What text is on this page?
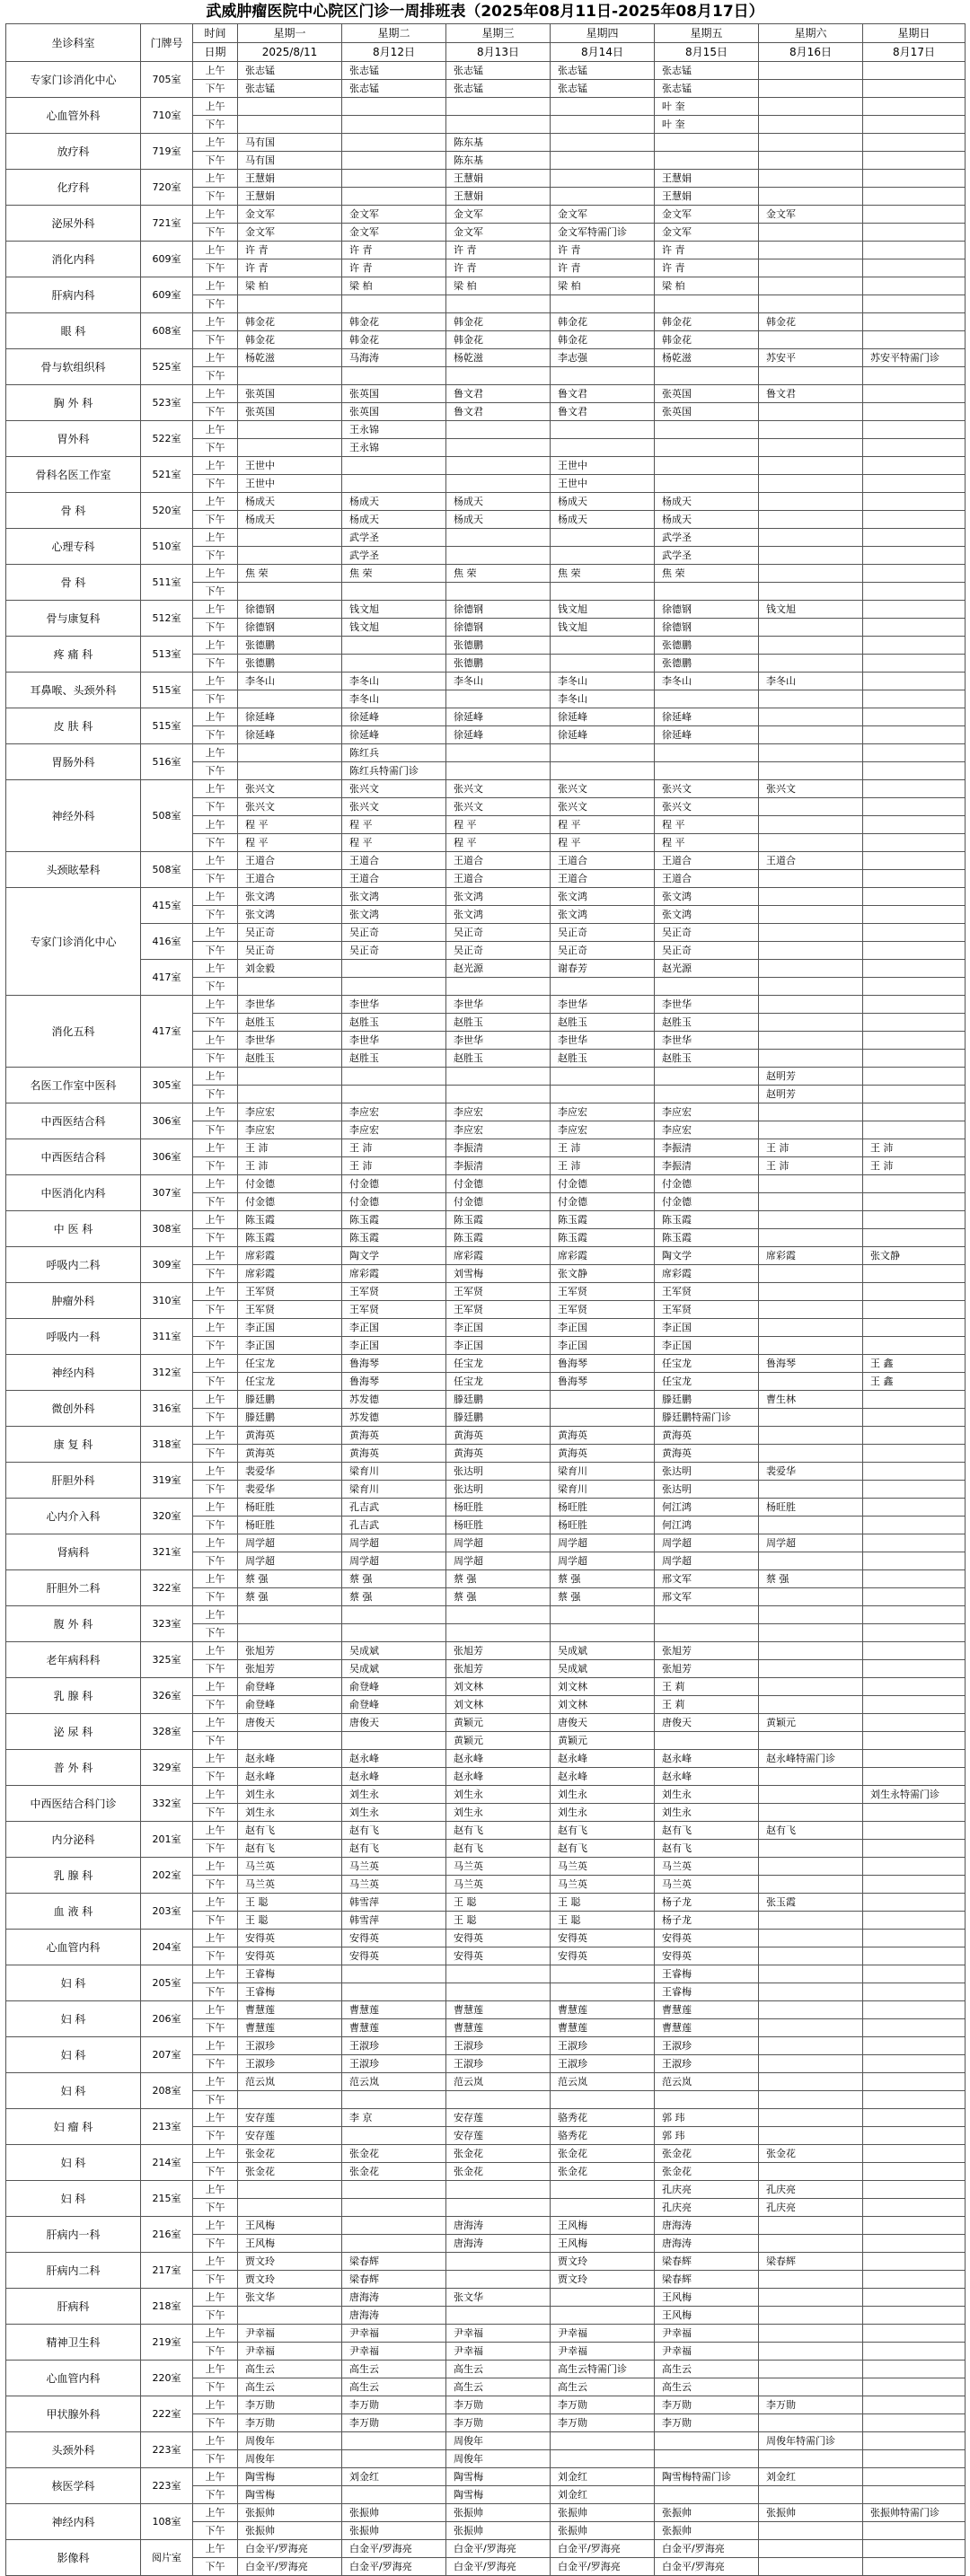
武威肿瘤医院中心院区门诊一周排班表（2025年08月11日-2025年08月17日）
坐诊科室	门牌号	时间	星期一	星期二	星期三	星期四	星期五	星期六	星期日
		日期	2025/8/11	8月12日	8月13日	8月14日	8月15日	8月16日	8月17日
专家门诊消化中心	705室	上午	张志锰	张志锰	张志锰	张志锰	张志锰		
		下午	张志锰	张志锰	张志锰	张志锰	张志锰		
心血管外科	710室	上午					叶 奎		
		下午					叶 奎		
放疗科	719室	上午	马有国		陈东基				
		下午	马有国		陈东基				
化疗科	720室	上午	王慧娟		王慧娟		王慧娟		
		下午	王慧娟		王慧娟		王慧娟		
泌尿外科	721室	上午	金文军	金文军	金文军	金文军	金文军	金文军	
		下午	金文军	金文军	金文军	金文军特需门诊	金文军		
消化内科	609室	上午	许 青	许 青	许 青	许 青	许 青		
		下午	许 青	许 青	许 青	许 青	许 青		
肝病内科	609室	上午	梁 柏	梁 柏	梁 柏	梁 柏	梁 柏		
		下午							
眼 科	608室	上午	韩金花	韩金花	韩金花	韩金花	韩金花	韩金花	
		下午	韩金花	韩金花	韩金花	韩金花	韩金花		
骨与软组织科	525室	上午	杨乾滋	马海涛	杨乾滋	李志强	杨乾滋	苏安平	苏安平特需门诊
		下午							
胸 外 科	523室	上午	张英国	张英国	鲁文君	鲁文君	张英国	鲁文君	
		下午	张英国	张英国	鲁文君	鲁文君	张英国		
胃外科	522室	上午		王永锦					
		下午		王永锦					
骨科名医工作室	521室	上午	王世中			王世中			
		下午	王世中			王世中			
骨 科	520室	上午	杨成天	杨成天	杨成天	杨成天	杨成天		
		下午	杨成天	杨成天	杨成天	杨成天	杨成天		
心理专科	510室	上午		武学圣			武学圣		
		下午		武学圣			武学圣		
骨 科	511室	上午	焦 荣	焦 荣	焦 荣	焦 荣	焦 荣		
		下午							
骨与康复科	512室	上午	徐德钢	钱文旭	徐德钢	钱文旭	徐德钢	钱文旭	
		下午	徐德钢	钱文旭	徐德钢	钱文旭	徐德钢		
疼 痛 科	513室	上午	张德鹏		张德鹏		张德鹏		
		下午	张德鹏		张德鹏		张德鹏		
耳鼻喉、头颈外科	515室	上午	李冬山	李冬山	李冬山	李冬山	李冬山	李冬山	
		下午		李冬山		李冬山			
皮 肤 科	515室	上午	徐延峰	徐延峰	徐延峰	徐延峰	徐延峰		
		下午	徐延峰	徐延峰	徐延峰	徐延峰	徐延峰		
胃肠外科	516室	上午		陈红兵					
		下午		陈红兵特需门诊					
神经外科	508室	上午	张兴文	张兴文	张兴文	张兴文	张兴文	张兴文	
		下午	张兴文	张兴文	张兴文	张兴文	张兴文		
		上午	程 平	程 平	程 平	程 平	程 平		
		下午	程 平	程 平	程 平	程 平	程 平		
头颈眩晕科	508室	上午	王道合	王道合	王道合	王道合	王道合	王道合	
		下午	王道合	王道合	王道合	王道合	王道合		
专家门诊消化中心	415室	上午	张文鸿	张文鸿	张文鸿	张文鸿	张文鸿		
		下午	张文鸿	张文鸿	张文鸿	张文鸿	张文鸿		
	416室	上午	吴正奇	吴正奇	吴正奇	吴正奇	吴正奇		
		下午	吴正奇	吴正奇	吴正奇	吴正奇	吴正奇		
	417室	上午	刘金毅		赵光源	谢春芳	赵光源		
		下午							
消化五科	417室	上午	李世华	李世华	李世华	李世华	李世华		
		下午	赵胜玉	赵胜玉	赵胜玉	赵胜玉	赵胜玉		
		上午	李世华	李世华	李世华	李世华	李世华		
		下午	赵胜玉	赵胜玉	赵胜玉	赵胜玉	赵胜玉		
名医工作室中医科	305室	上午						赵明芳	
		下午						赵明芳	
中西医结合科	306室	上午	李应宏	李应宏	李应宏	李应宏	李应宏		
		下午	李应宏	李应宏	李应宏	李应宏	李应宏		
中西医结合科	306室	上午	王 沛	王 沛	李振清	王 沛	李振清	王 沛	王 沛
		下午	王 沛	王 沛	李振清	王 沛	李振清	王 沛	王 沛
中医消化内科	307室	上午	付金德	付金德	付金德	付金德	付金德		
		下午	付金德	付金德	付金德	付金德	付金德		
中 医 科	308室	上午	陈玉霞	陈玉霞	陈玉霞	陈玉霞	陈玉霞		
		下午	陈玉霞	陈玉霞	陈玉霞	陈玉霞	陈玉霞		
呼吸内二科	309室	上午	席彩霞	陶文学	席彩霞	席彩霞	陶文学	席彩霞	张文静
		下午	席彩霞	席彩霞	刘雪梅	张文静	席彩霞		
肿瘤外科	310室	上午	王军贤	王军贤	王军贤	王军贤	王军贤		
		下午	王军贤	王军贤	王军贤	王军贤	王军贤		
呼吸内一科	311室	上午	李正国	李正国	李正国	李正国	李正国		
		下午	李正国	李正国	李正国	李正国	李正国		
神经内科	312室	上午	任宝龙	鲁海琴	任宝龙	鲁海琴	任宝龙	鲁海琴	王 鑫
		下午	任宝龙	鲁海琴	任宝龙	鲁海琴	任宝龙		王 鑫
微创外科	316室	上午	滕廷鹏	苏发德	滕廷鹏		滕廷鹏	曹生林	
		下午	滕廷鹏	苏发德	滕廷鹏		滕廷鹏特需门诊		
康 复 科	318室	上午	黄海英	黄海英	黄海英	黄海英	黄海英		
		下午	黄海英	黄海英	黄海英	黄海英	黄海英		
肝胆外科	319室	上午	裴爱华	梁育川	张达明	梁育川	张达明	裴爱华	
		下午	裴爱华	梁育川	张达明	梁育川	张达明		
心内介入科	320室	上午	杨旺胜	孔吉武	杨旺胜	杨旺胜	何江鸿	杨旺胜	
		下午	杨旺胜	孔吉武	杨旺胜	杨旺胜	何江鸿		
肾病科	321室	上午	周学超	周学超	周学超	周学超	周学超	周学超	
		下午	周学超	周学超	周学超	周学超	周学超		
肝胆外二科	322室	上午	蔡 强	蔡 强	蔡 强	蔡 强	邢文军	蔡 强	
		下午	蔡 强	蔡 强	蔡 强	蔡 强	邢文军		
腹 外 科	323室	上午							
		下午							
老年病科科	325室	上午	张旭芳	吴成斌	张旭芳	吴成斌	张旭芳		
		下午	张旭芳	吴成斌	张旭芳	吴成斌	张旭芳		
乳 腺 科	326室	上午	俞登峰	俞登峰	刘文林	刘文林	王 莉		
		下午	俞登峰	俞登峰	刘文林	刘文林	王 莉		
泌 尿 科	328室	上午	唐俊天	唐俊天	黄颖元	唐俊天	唐俊天	黄颖元	
		下午			黄颖元	黄颖元			
普 外 科	329室	上午	赵永峰	赵永峰	赵永峰	赵永峰	赵永峰	赵永峰特需门诊	
		下午	赵永峰	赵永峰	赵永峰	赵永峰	赵永峰		
中西医结合科门诊	332室	上午	刘生永	刘生永	刘生永	刘生永	刘生永		刘生永特需门诊
		下午	刘生永	刘生永	刘生永	刘生永	刘生永		
内分泌科	201室	上午	赵有飞	赵有飞	赵有飞	赵有飞	赵有飞	赵有飞	
		下午	赵有飞	赵有飞	赵有飞	赵有飞	赵有飞		
乳 腺 科	202室	上午	马兰英	马兰英	马兰英	马兰英	马兰英		
		下午	马兰英	马兰英	马兰英	马兰英	马兰英		
血 液 科	203室	上午	王 聪	韩雪萍	王 聪	王 聪	杨子龙	张玉霞	
		下午	王 聪	韩雪萍	王 聪	王 聪	杨子龙		
心血管内科	204室	上午	安得英	安得英	安得英	安得英	安得英		
		下午	安得英	安得英	安得英	安得英	安得英		
妇 科	205室	上午	王睿梅				王睿梅		
		下午	王睿梅				王睿梅		
妇 科	206室	上午	曹慧莲	曹慧莲	曹慧莲	曹慧莲	曹慧莲		
		下午	曹慧莲	曹慧莲	曹慧莲	曹慧莲	曹慧莲		
妇 科	207室	上午	王淑珍	王淑珍	王淑珍	王淑珍	王淑珍		
		下午	王淑珍	王淑珍	王淑珍	王淑珍	王淑珍		
妇 科	208室	上午	范云岚	范云岚	范云岚	范云岚	范云岚		
		下午							
妇 瘤 科	213室	上午	安存莲	李 京	安存莲	骆秀花	郭 玮		
		下午	安存莲		安存莲	骆秀花	郭 玮		
妇 科	214室	上午	张金花	张金花	张金花	张金花	张金花	张金花	
		下午	张金花	张金花	张金花	张金花	张金花		
妇 科	215室	上午					孔庆亮	孔庆亮	
		下午					孔庆亮	孔庆亮	
肝病内一科	216室	上午	王风梅		唐海涛	王风梅	唐海涛		
		下午	王风梅		唐海涛	王风梅	唐海涛		
肝病内二科	217室	上午	贾文玲	梁春辉		贾文玲	梁春辉	梁春辉	
		下午	贾文玲	梁春辉		贾文玲	梁春辉		
肝病科	218室	上午	张文华	唐海涛	张文华		王风梅		
		下午		唐海涛			王风梅		
精神卫生科	219室	上午	尹幸福	尹幸福	尹幸福	尹幸福	尹幸福		
		下午	尹幸福	尹幸福	尹幸福	尹幸福	尹幸福		
心血管内科	220室	上午	高生云	高生云	高生云	高生云特需门诊	高生云		
		下午	高生云	高生云	高生云	高生云	高生云		
甲状腺外科	222室	上午	李万勋	李万勋	李万勋	李万勋	李万勋	李万勋	
		下午	李万勋	李万勋	李万勋	李万勋	李万勋		
头颈外科	223室	上午	周俊年		周俊年			周俊年特需门诊	
		下午	周俊年		周俊年				
核医学科	223室	上午	陶雪梅	刘金红	陶雪梅	刘金红	陶雪梅特需门诊	刘金红	
		下午	陶雪梅		陶雪梅	刘金红			
神经内科	108室	上午	张振帅	张振帅	张振帅	张振帅	张振帅	张振帅	张振帅特需门诊
		下午	张振帅	张振帅	张振帅	张振帅	张振帅		
影像科	阅片室	上午	白金平/罗海亮	白金平/罗海亮	白金平/罗海亮	白金平/罗海亮	白金平/罗海亮		
		下午	白金平/罗海亮	白金平/罗海亮	白金平/罗海亮	白金平/罗海亮	白金平/罗海亮		
